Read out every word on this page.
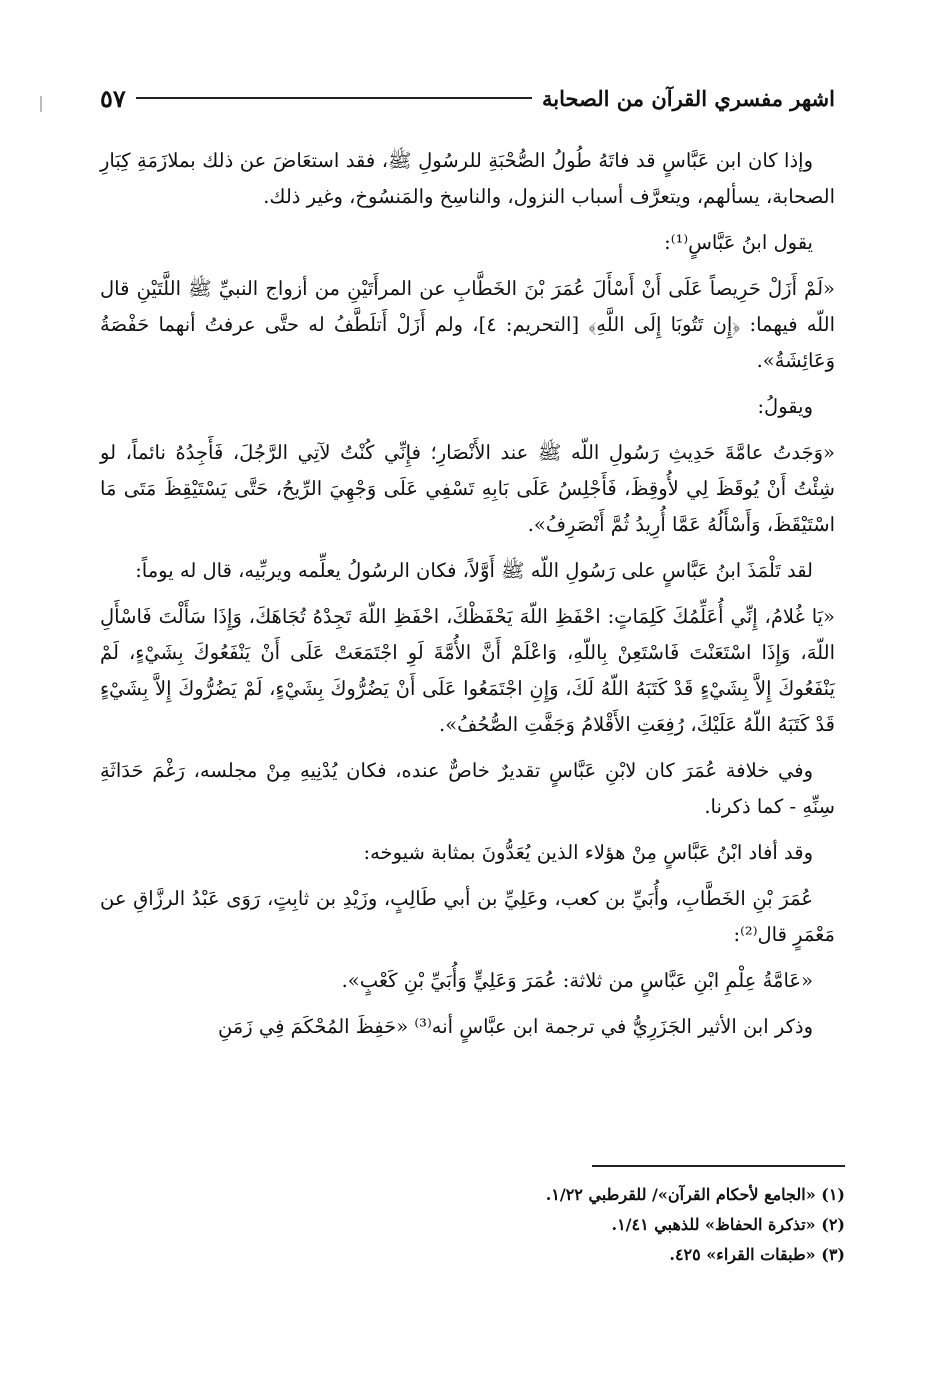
اشهر مفسري القرآن من الصحابة
٥٧

وإذا كان ابن عَبَّاسٍ قد فاتَهُ طُولُ الصُّحْبَةِ للرسُولِ ﷺ، فقد استعَاضَ عن ذلك بملازَمَةِ كِبَارِ الصحابة، يسألهم، ويتعرَّف أسباب النزول، والناسِخ والمَنسُوخ، وغير ذلك.

يقول ابنُ عَبَّاسٍ⁽¹⁾:

«لَمْ أَزَلْ حَرِيصاً عَلَى أَنْ أَسْأَلَ عُمَرَ بْنَ الخَطَّابِ عن المرأَتَيْنِ من أزواج النبيِّ ﷺ اللَّتَيْنِ قال اللّه فيهما: ﴿إِن تَتُوبَا إِلَى اللَّهِ﴾ [التحريم: ٤]، ولم أَزَلْ أَتلَطَّفُ له حتَّى عرفتُ أنهما حَفْصَةُ وَعَائِشَةُ».

ويقولُ:

«وَجَدتُ عامَّةَ حَدِيثِ رَسُولِ اللّه ﷺ عند الأَنْصَارِ؛ فإِنِّي كُنْتُ لآتِي الرَّجُلَ، فَأَجِدُهُ نائماً، لو شِئْتُ أَنْ يُوقَظَ لِي لأُوقِظَ، فَأَجْلِسُ عَلَى بَابِهِ تَسْفِي عَلَى وَجْهِيَ الرِّيحُ، حَتَّى يَسْتَيْقِظَ مَتَى مَا اسْتَيْقَظَ، وَأَسْأَلُهُ عَمَّا أُرِيدُ ثُمَّ أَنْصَرِفُ».

لقد تَلْمَذَ ابنُ عَبَّاسٍ على رَسُولِ اللّه ﷺ أَوَّلاً، فكان الرسُولُ يعلِّمه ويربِّيه، قال له يوماً:

«يَا غُلامُ، إِنِّي أُعَلِّمُكَ كَلِمَاتٍ: احْفَظِ اللّهَ يَحْفَظْكَ، احْفَظِ اللّهَ تَجِدْهُ تُجَاهَكَ، وَإِذَا سَأَلْتَ فَاسْأَلِ اللّهَ، وَإِذَا اسْتَعَنْتَ فَاسْتَعِنْ بِاللّهِ، وَاعْلَمْ أَنَّ الأُمَّةَ لَوِ اجْتَمَعَتْ عَلَى أَنْ يَنْفَعُوكَ بِشَيْءٍ، لَمْ يَنْفَعُوكَ إِلاَّ بِشَيْءٍ قَدْ كَتَبَهُ اللّهُ لَكَ، وَإِنِ اجْتَمَعُوا عَلَى أَنْ يَضُرُّوكَ بِشَيْءٍ، لَمْ يَضُرُّوكَ إِلاَّ بِشَيْءٍ قَدْ كَتَبَهُ اللّهُ عَلَيْكَ، رُفِعَتِ الأَقْلامُ وَجَفَّتِ الصُّحُفُ».

وفي خلافة عُمَرَ كان لابْنِ عَبَّاسٍ تقديرٌ خاصٌّ عنده، فكان يُدْنِيهِ مِنْ مجلسه، رَغْمَ حَدَاثَةِ سِنِّهِ - كما ذكرنا.

وقد أفاد ابْنُ عَبَّاسٍ مِنْ هؤلاء الذين يُعَدُّونَ بمثابة شيوخه:

عُمَرَ بْنِ الخَطَّابِ، وأُبَيِّ بن كعب، وعَلِيِّ بن أبي طَالِبٍ، وزَيْدِ بن ثابِتٍ، رَوَى عَبْدُ الرزَّاقِ عن مَعْمَرٍ قال⁽²⁾:

«عَامَّةُ عِلْمِ ابْنِ عَبَّاسٍ من ثلاثة: عُمَرَ وَعَلِيٍّ وَأُبَيِّ بْنِ كَعْبٍ».

وذكر ابن الأثير الجَزَرِيُّ في ترجمة ابن عبَّاسٍ أنه⁽³⁾ «حَفِظَ المُحْكَمَ فِي زَمَنِ

(١) «الجامع لأحكام القرآن»/ للقرطبي ١/٢٢.

(٢) «تذكرة الحفاظ» للذهبي ١/٤١.

(٣) «طبقات القراء» ٤٢٥.
